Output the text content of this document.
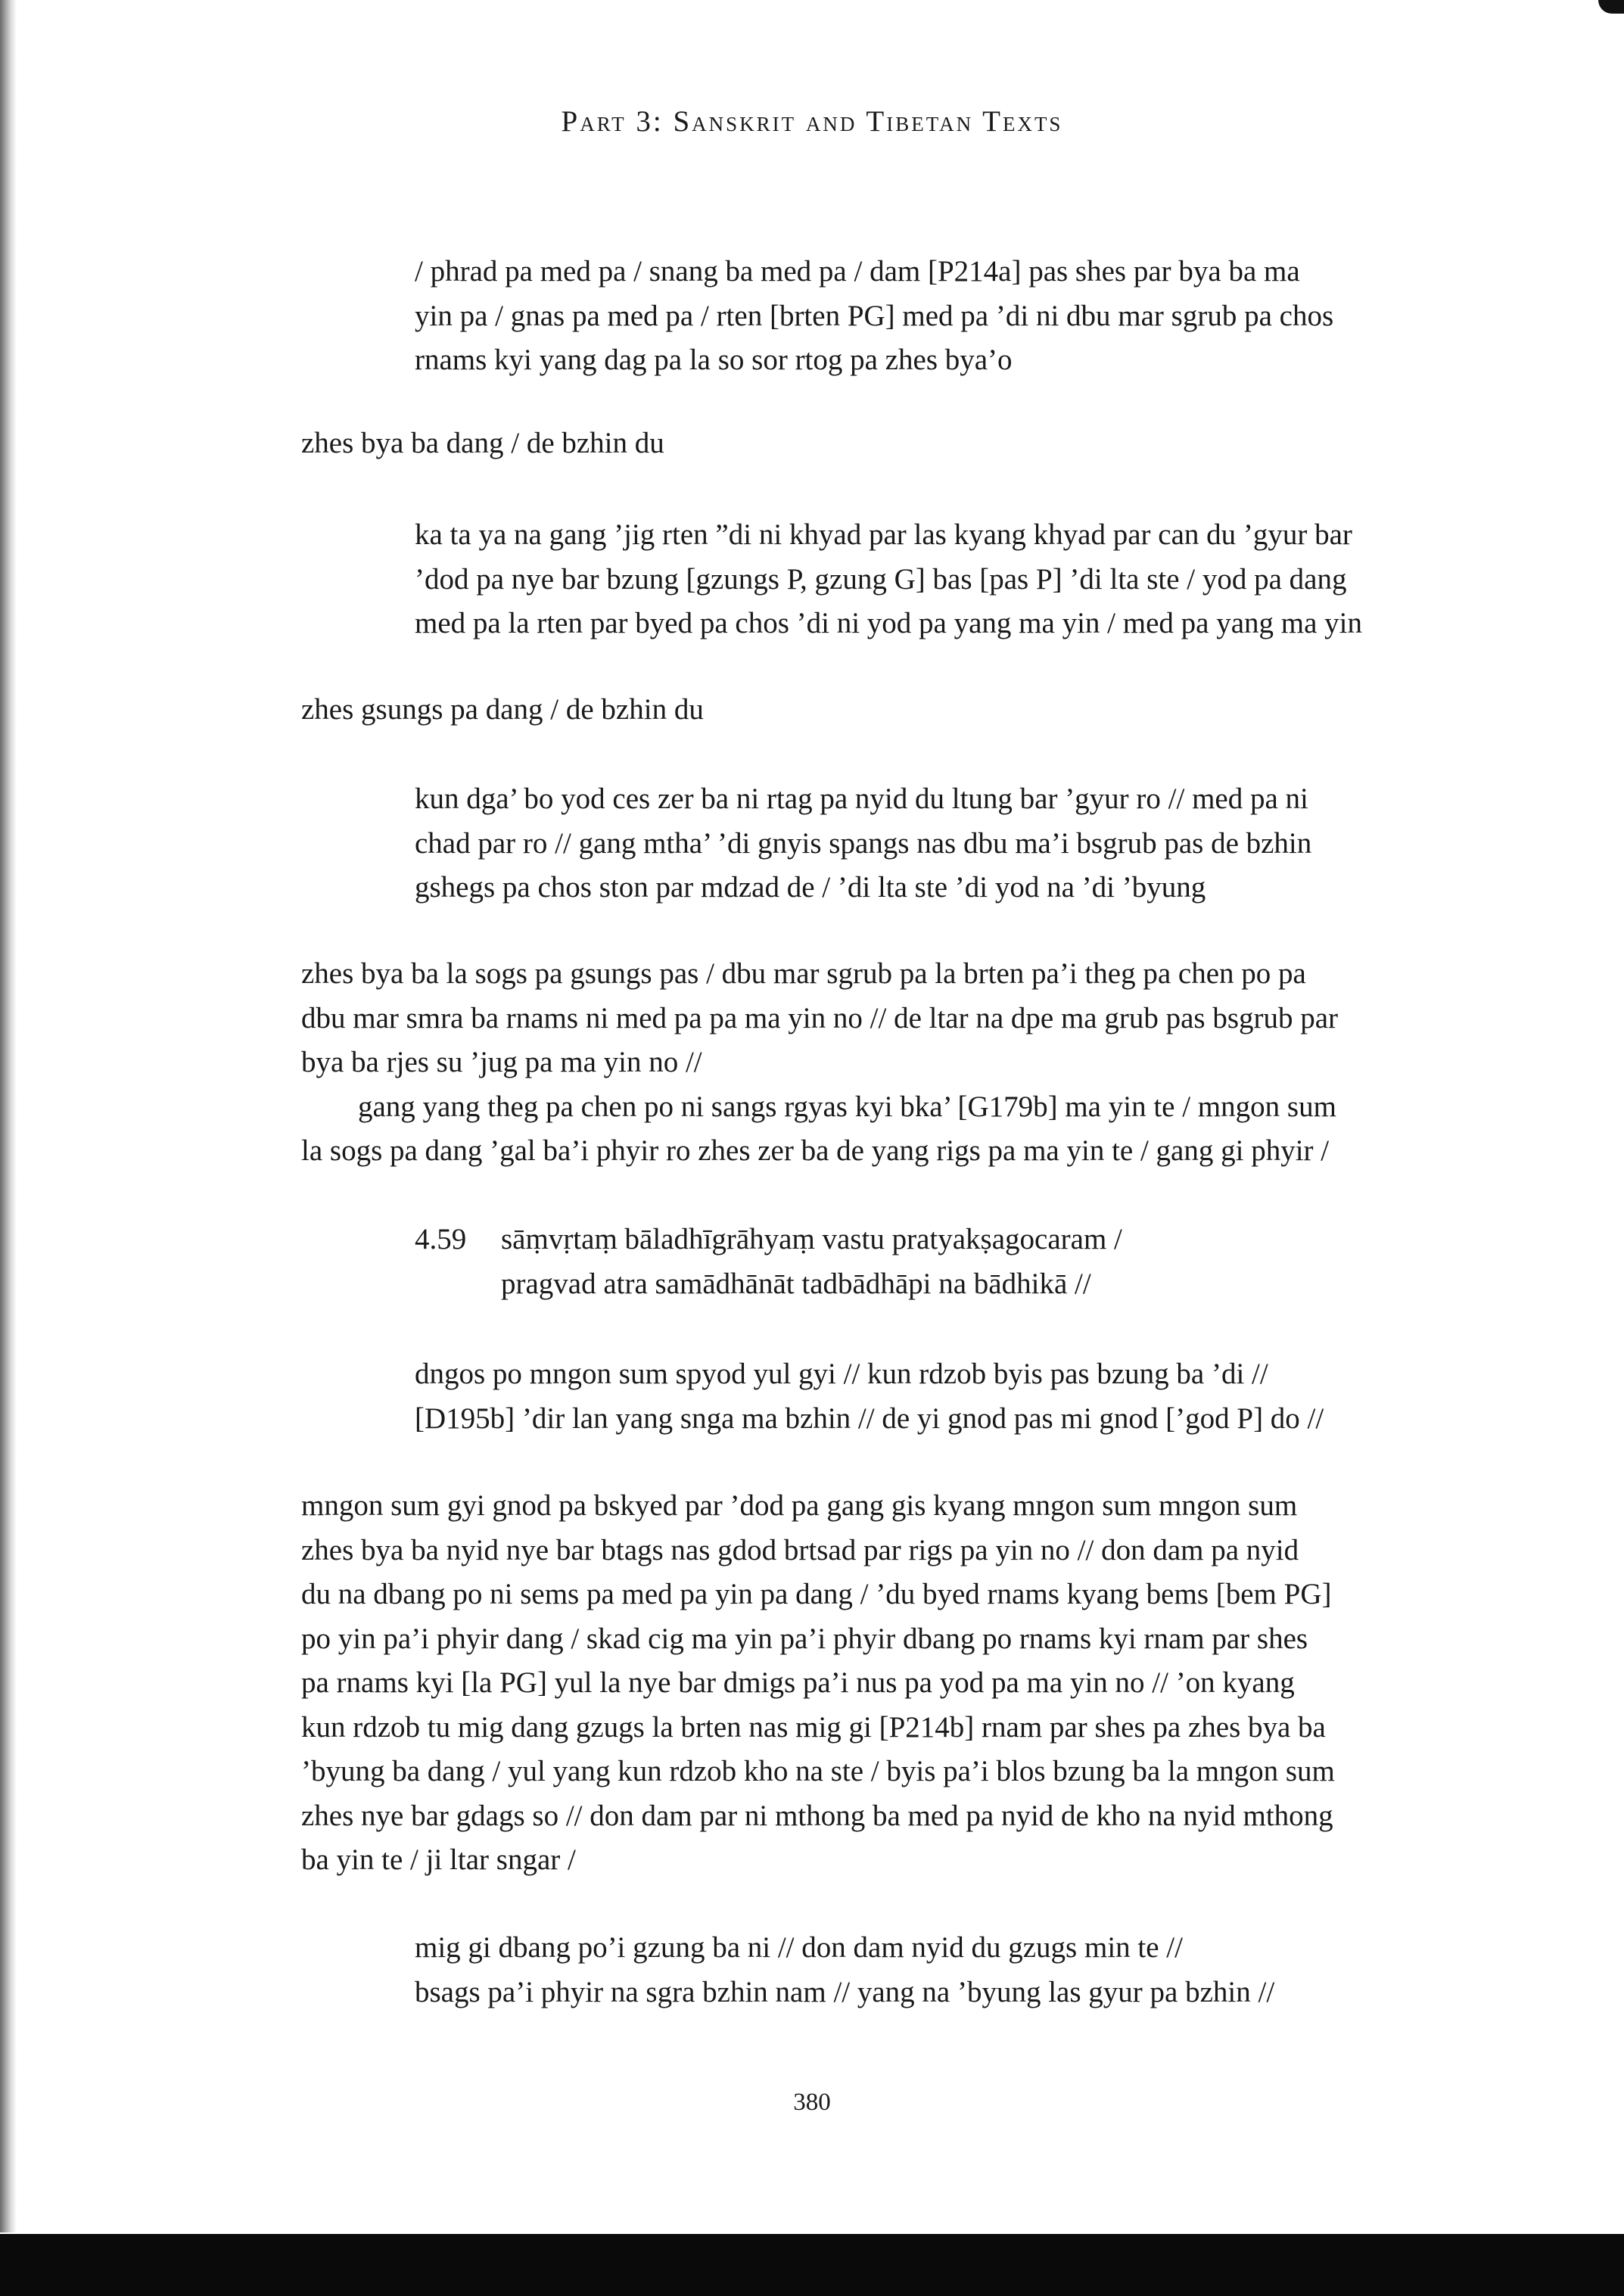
Part 3: Sanskrit and Tibetan Texts
/ phrad pa med pa / snang ba med pa / dam [P214a] pas shes par bya ba ma
yin pa / gnas pa med pa / rten [brten PG] med pa ’di ni dbu mar sgrub pa chos
rnams kyi yang dag pa la so sor rtog pa zhes bya’o
zhes bya ba dang / de bzhin du
ka ta ya na gang ’jig rten ”di ni khyad par las kyang khyad par can du ’gyur bar
’dod pa nye bar bzung [gzungs P, gzung G] bas [pas P] ’di lta ste / yod pa dang
med pa la rten par byed pa chos ’di ni yod pa yang ma yin / med pa yang ma yin
zhes gsungs pa dang / de bzhin du
kun dga’ bo yod ces zer ba ni rtag pa nyid du ltung bar ’gyur ro // med pa ni
chad par ro // gang mtha’ ’di gnyis spangs nas dbu ma’i bsgrub pas de bzhin
gshegs pa chos ston par mdzad de / ’di lta ste ’di yod na ’di ’byung
zhes bya ba la sogs pa gsungs pas / dbu mar sgrub pa la brten pa’i theg pa chen po pa
dbu mar smra ba rnams ni med pa pa ma yin no // de ltar na dpe ma grub pas bsgrub par
bya ba rjes su ’jug pa ma yin no //
gang yang theg pa chen po ni sangs rgyas kyi bka’ [G179b] ma yin te / mngon sum
la sogs pa dang ’gal ba’i phyir ro zhes zer ba de yang rigs pa ma yin te / gang gi phyir /
4.59 sāṃvṛtaṃ bāladhīgrāhyaṃ vastu pratyakṣagocaram /
pragvad atra samādhānāt tadbādhāpi na bādhikā //
dngos po mngon sum spyod yul gyi // kun rdzob byis pas bzung ba ’di //
[D195b] ’dir lan yang snga ma bzhin // de yi gnod pas mi gnod [’god P] do //
mngon sum gyi gnod pa bskyed par ’dod pa gang gis kyang mngon sum mngon sum
zhes bya ba nyid nye bar btags nas gdod brtsad par rigs pa yin no // don dam pa nyid
du na dbang po ni sems pa med pa yin pa dang / ’du byed rnams kyang bems [bem PG]
po yin pa’i phyir dang / skad cig ma yin pa’i phyir dbang po rnams kyi rnam par shes
pa rnams kyi [la PG] yul la nye bar dmigs pa’i nus pa yod pa ma yin no // ’on kyang
kun rdzob tu mig dang gzugs la brten nas mig gi [P214b] rnam par shes pa zhes bya ba
’byung ba dang / yul yang kun rdzob kho na ste / byis pa’i blos bzung ba la mngon sum
zhes nye bar gdags so // don dam par ni mthong ba med pa nyid de kho na nyid mthong
ba yin te / ji ltar sngar /
mig gi dbang po’i gzung ba ni // don dam nyid du gzugs min te //
bsags pa’i phyir na sgra bzhin nam // yang na ’byung las gyur pa bzhin //
380
